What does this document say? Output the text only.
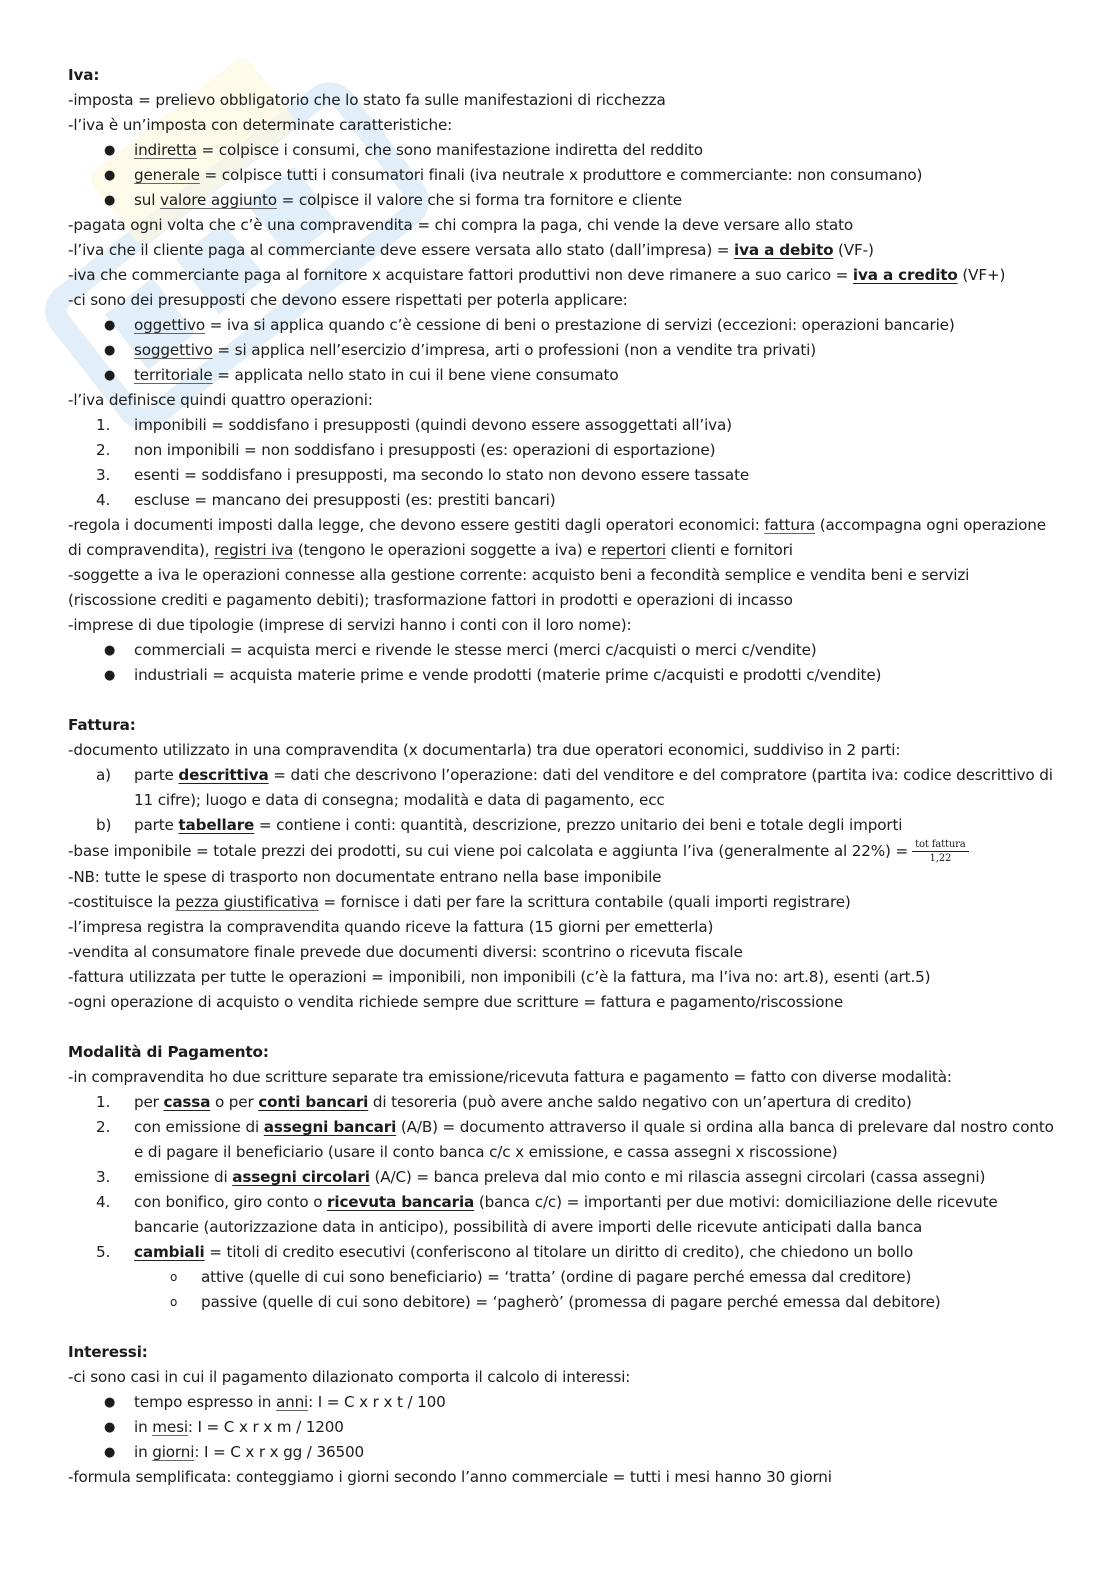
Iva:
-imposta = prelievo obbligatorio che lo stato fa sulle manifestazioni di ricchezza
-l’iva è un’imposta con determinate caratteristiche:
●	indiretta = colpisce i consumi, che sono manifestazione indiretta del reddito
●	generale = colpisce tutti i consumatori finali (iva neutrale x produttore e commerciante: non consumano)
●	sul valore aggiunto = colpisce il valore che si forma tra fornitore e cliente
-pagata ogni volta che c’è una compravendita = chi compra la paga, chi vende la deve versare allo stato
-l’iva che il cliente paga al commerciante deve essere versata allo stato (dall’impresa) = iva a debito (VF-)
-iva che commerciante paga al fornitore x acquistare fattori produttivi non deve rimanere a suo carico = iva a credito (VF+)
-ci sono dei presupposti che devono essere rispettati per poterla applicare:
●	oggettivo = iva si applica quando c’è cessione di beni o prestazione di servizi (eccezioni: operazioni bancarie)
●	soggettivo = si applica nell’esercizio d’impresa, arti o professioni (non a vendite tra privati)
●	territoriale = applicata nello stato in cui il bene viene consumato
-l’iva definisce quindi quattro operazioni:
1.	imponibili = soddisfano i presupposti (quindi devono essere assoggettati all’iva)
2.	non imponibili = non soddisfano i presupposti (es: operazioni di esportazione)
3.	esenti = soddisfano i presupposti, ma secondo lo stato non devono essere tassate
4.	escluse = mancano dei presupposti (es: prestiti bancari)
-regola i documenti imposti dalla legge, che devono essere gestiti dagli operatori economici: fattura (accompagna ogni operazione di compravendita), registri iva (tengono le operazioni soggette a iva) e repertori clienti e fornitori
-soggette a iva le operazioni connesse alla gestione corrente: acquisto beni a fecondità semplice e vendita beni e servizi (riscossione crediti e pagamento debiti); trasformazione fattori in prodotti e operazioni di incasso
-imprese di due tipologie (imprese di servizi hanno i conti con il loro nome):
●	commerciali = acquista merci e rivende le stesse merci (merci c/acquisti o merci c/vendite)
●	industriali = acquista materie prime e vende prodotti (materie prime c/acquisti e prodotti c/vendite)
Fattura:
-documento utilizzato in una compravendita (x documentarla) tra due operatori economici, suddiviso in 2 parti:
a)	parte descrittiva = dati che descrivono l’operazione: dati del venditore e del compratore (partita iva: codice descrittivo di 11 cifre); luogo e data di consegna; modalità e data di pagamento, ecc
b)	parte tabellare = contiene i conti: quantità, descrizione, prezzo unitario dei beni e totale degli importi
-base imponibile = totale prezzi dei prodotti, su cui viene poi calcolata e aggiunta l’iva (generalmente al $22\%) = \frac{\text{tot fattura}}{1,22}$
-NB: tutte le spese di trasporto non documentate entrano nella base imponibile
-costituisce la pezza giustificativa = fornisce i dati per fare la scrittura contabile (quali importi registrare)
-l’impresa registra la compravendita quando riceve la fattura (15 giorni per emetterla)
-vendita al consumatore finale prevede due documenti diversi: scontrino o ricevuta fiscale
-fattura utilizzata per tutte le operazioni = imponibili, non imponibili (c’è la fattura, ma l’iva no: art.8), esenti (art.5)
-ogni operazione di acquisto o vendita richiede sempre due scritture = fattura e pagamento/riscossione
Modalità di Pagamento:
-in compravendita ho due scritture separate tra emissione/ricevuta fattura e pagamento = fatto con diverse modalità:
1.	per cassa o per conti bancari di tesoreria (può avere anche saldo negativo con un’apertura di credito)
2.	con emissione di assegni bancari (A/B) = documento attraverso il quale si ordina alla banca di prelevare dal nostro conto e di pagare il beneficiario (usare il conto banca c/c x emissione, e cassa assegni x riscossione)
3.	emissione di assegni circolari (A/C) = banca preleva dal mio conto e mi rilascia assegni circolari (cassa assegni)
4.	con bonifico, giro conto o ricevuta bancaria (banca c/c) = importanti per due motivi: domiciliazione delle ricevute bancarie (autorizzazione data in anticipo), possibilità di avere importi delle ricevute anticipati dalla banca
5.	cambiali = titoli di credito esecutivi (conferiscono al titolare un diritto di credito), che chiedono un bollo
o attive (quelle di cui sono beneficiario) = ‘tratta’ (ordine di pagare perché emessa dal creditore)
o passive (quelle di cui sono debitore) = ‘pagherò’ (promessa di pagare perché emessa dal debitore)
Interessi:
-ci sono casi in cui il pagamento dilazionato comporta il calcolo di interessi:
●	tempo espresso in anni: I = C x r x t / 100
●	in mesi: I = C x r x m / 1200
●	in giorni: I = C x r x gg / 36500
-formula semplificata: conteggiamo i giorni secondo l’anno commerciale = tutti i mesi hanno 30 giorni
